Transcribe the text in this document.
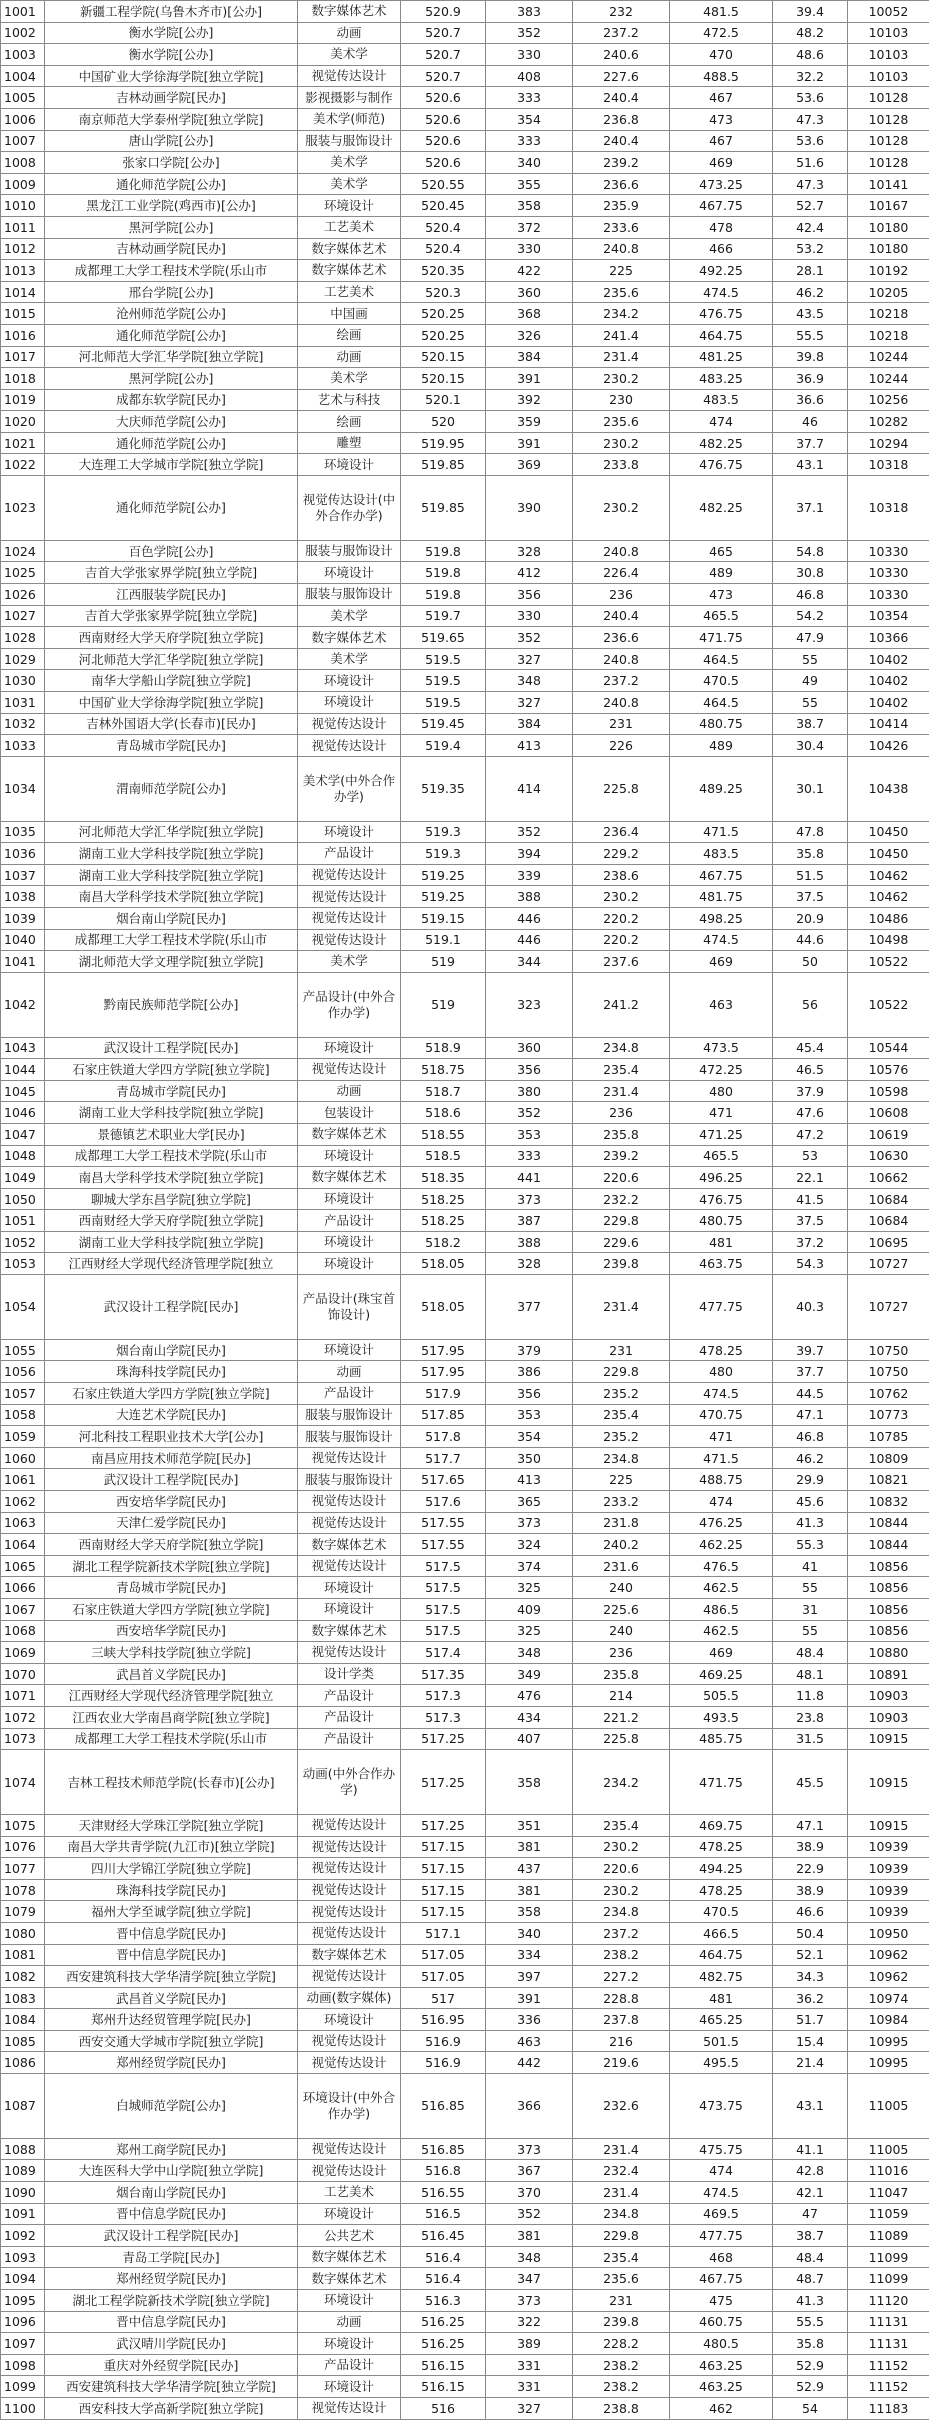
1001	新疆工程学院(乌鲁木齐市)[公办]	数字媒体艺术	520.9	383	232	481.5	39.4	10052
1002	衡水学院[公办]	动画	520.7	352	237.2	472.5	48.2	10103
1003	衡水学院[公办]	美术学	520.7	330	240.6	470	48.6	10103
1004	中国矿业大学徐海学院[独立学院]	视觉传达设计	520.7	408	227.6	488.5	32.2	10103
1005	吉林动画学院[民办]	影视摄影与制作	520.6	333	240.4	467	53.6	10128
1006	南京师范大学泰州学院[独立学院]	美术学(师范)	520.6	354	236.8	473	47.3	10128
1007	唐山学院[公办]	服装与服饰设计	520.6	333	240.4	467	53.6	10128
1008	张家口学院[公办]	美术学	520.6	340	239.2	469	51.6	10128
1009	通化师范学院[公办]	美术学	520.55	355	236.6	473.25	47.3	10141
1010	黑龙江工业学院(鸡西市)[公办]	环境设计	520.45	358	235.9	467.75	52.7	10167
1011	黑河学院[公办]	工艺美术	520.4	372	233.6	478	42.4	10180
1012	吉林动画学院[民办]	数字媒体艺术	520.4	330	240.8	466	53.2	10180
1013	成都理工大学工程技术学院(乐山市	数字媒体艺术	520.35	422	225	492.25	28.1	10192
1014	邢台学院[公办]	工艺美术	520.3	360	235.6	474.5	46.2	10205
1015	沧州师范学院[公办]	中国画	520.25	368	234.2	476.75	43.5	10218
1016	通化师范学院[公办]	绘画	520.25	326	241.4	464.75	55.5	10218
1017	河北师范大学汇华学院[独立学院]	动画	520.15	384	231.4	481.25	39.8	10244
1018	黑河学院[公办]	美术学	520.15	391	230.2	483.25	36.9	10244
1019	成都东软学院[民办]	艺术与科技	520.1	392	230	483.5	36.6	10256
1020	大庆师范学院[公办]	绘画	520	359	235.6	474	46	10282
1021	通化师范学院[公办]	雕塑	519.95	391	230.2	482.25	37.7	10294
1022	大连理工大学城市学院[独立学院]	环境设计	519.85	369	233.8	476.75	43.1	10318
1023	通化师范学院[公办]	视觉传达设计(中外合作办学)	519.85	390	230.2	482.25	37.1	10318
1024	百色学院[公办]	服装与服饰设计	519.8	328	240.8	465	54.8	10330
1025	吉首大学张家界学院[独立学院]	环境设计	519.8	412	226.4	489	30.8	10330
1026	江西服装学院[民办]	服装与服饰设计	519.8	356	236	473	46.8	10330
1027	吉首大学张家界学院[独立学院]	美术学	519.7	330	240.4	465.5	54.2	10354
1028	西南财经大学天府学院[独立学院]	数字媒体艺术	519.65	352	236.6	471.75	47.9	10366
1029	河北师范大学汇华学院[独立学院]	美术学	519.5	327	240.8	464.5	55	10402
1030	南华大学船山学院[独立学院]	环境设计	519.5	348	237.2	470.5	49	10402
1031	中国矿业大学徐海学院[独立学院]	环境设计	519.5	327	240.8	464.5	55	10402
1032	吉林外国语大学(长春市)[民办]	视觉传达设计	519.45	384	231	480.75	38.7	10414
1033	青岛城市学院[民办]	视觉传达设计	519.4	413	226	489	30.4	10426
1034	渭南师范学院[公办]	美术学(中外合作办学)	519.35	414	225.8	489.25	30.1	10438
1035	河北师范大学汇华学院[独立学院]	环境设计	519.3	352	236.4	471.5	47.8	10450
1036	湖南工业大学科技学院[独立学院]	产品设计	519.3	394	229.2	483.5	35.8	10450
1037	湖南工业大学科技学院[独立学院]	视觉传达设计	519.25	339	238.6	467.75	51.5	10462
1038	南昌大学科学技术学院[独立学院]	视觉传达设计	519.25	388	230.2	481.75	37.5	10462
1039	烟台南山学院[民办]	视觉传达设计	519.15	446	220.2	498.25	20.9	10486
1040	成都理工大学工程技术学院(乐山市	视觉传达设计	519.1	446	220.2	474.5	44.6	10498
1041	湖北师范大学文理学院[独立学院]	美术学	519	344	237.6	469	50	10522
1042	黔南民族师范学院[公办]	产品设计(中外合作办学)	519	323	241.2	463	56	10522
1043	武汉设计工程学院[民办]	环境设计	518.9	360	234.8	473.5	45.4	10544
1044	石家庄铁道大学四方学院[独立学院]	视觉传达设计	518.75	356	235.4	472.25	46.5	10576
1045	青岛城市学院[民办]	动画	518.7	380	231.4	480	37.9	10598
1046	湖南工业大学科技学院[独立学院]	包装设计	518.6	352	236	471	47.6	10608
1047	景德镇艺术职业大学[民办]	数字媒体艺术	518.55	353	235.8	471.25	47.2	10619
1048	成都理工大学工程技术学院(乐山市	环境设计	518.5	333	239.2	465.5	53	10630
1049	南昌大学科学技术学院[独立学院]	数字媒体艺术	518.35	441	220.6	496.25	22.1	10662
1050	聊城大学东昌学院[独立学院]	环境设计	518.25	373	232.2	476.75	41.5	10684
1051	西南财经大学天府学院[独立学院]	产品设计	518.25	387	229.8	480.75	37.5	10684
1052	湖南工业大学科技学院[独立学院]	环境设计	518.2	388	229.6	481	37.2	10695
1053	江西财经大学现代经济管理学院[独立	环境设计	518.05	328	239.8	463.75	54.3	10727
1054	武汉设计工程学院[民办]	产品设计(珠宝首饰设计)	518.05	377	231.4	477.75	40.3	10727
1055	烟台南山学院[民办]	环境设计	517.95	379	231	478.25	39.7	10750
1056	珠海科技学院[民办]	动画	517.95	386	229.8	480	37.7	10750
1057	石家庄铁道大学四方学院[独立学院]	产品设计	517.9	356	235.2	474.5	44.5	10762
1058	大连艺术学院[民办]	服装与服饰设计	517.85	353	235.4	470.75	47.1	10773
1059	河北科技工程职业技术大学[公办]	服装与服饰设计	517.8	354	235.2	471	46.8	10785
1060	南昌应用技术师范学院[民办]	视觉传达设计	517.7	350	234.8	471.5	46.2	10809
1061	武汉设计工程学院[民办]	服装与服饰设计	517.65	413	225	488.75	29.9	10821
1062	西安培华学院[民办]	视觉传达设计	517.6	365	233.2	474	45.6	10832
1063	天津仁爱学院[民办]	视觉传达设计	517.55	373	231.8	476.25	41.3	10844
1064	西南财经大学天府学院[独立学院]	数字媒体艺术	517.55	324	240.2	462.25	55.3	10844
1065	湖北工程学院新技术学院[独立学院]	视觉传达设计	517.5	374	231.6	476.5	41	10856
1066	青岛城市学院[民办]	环境设计	517.5	325	240	462.5	55	10856
1067	石家庄铁道大学四方学院[独立学院]	环境设计	517.5	409	225.6	486.5	31	10856
1068	西安培华学院[民办]	数字媒体艺术	517.5	325	240	462.5	55	10856
1069	三峡大学科技学院[独立学院]	视觉传达设计	517.4	348	236	469	48.4	10880
1070	武昌首义学院[民办]	设计学类	517.35	349	235.8	469.25	48.1	10891
1071	江西财经大学现代经济管理学院[独立	产品设计	517.3	476	214	505.5	11.8	10903
1072	江西农业大学南昌商学院[独立学院]	产品设计	517.3	434	221.2	493.5	23.8	10903
1073	成都理工大学工程技术学院(乐山市	产品设计	517.25	407	225.8	485.75	31.5	10915
1074	吉林工程技术师范学院(长春市)[公办]	动画(中外合作办学)	517.25	358	234.2	471.75	45.5	10915
1075	天津财经大学珠江学院[独立学院]	视觉传达设计	517.25	351	235.4	469.75	47.1	10915
1076	南昌大学共青学院(九江市)[独立学院]	视觉传达设计	517.15	381	230.2	478.25	38.9	10939
1077	四川大学锦江学院[独立学院]	视觉传达设计	517.15	437	220.6	494.25	22.9	10939
1078	珠海科技学院[民办]	视觉传达设计	517.15	381	230.2	478.25	38.9	10939
1079	福州大学至诚学院[独立学院]	视觉传达设计	517.15	358	234.8	470.5	46.6	10939
1080	晋中信息学院[民办]	视觉传达设计	517.1	340	237.2	466.5	50.4	10950
1081	晋中信息学院[民办]	数字媒体艺术	517.05	334	238.2	464.75	52.1	10962
1082	西安建筑科技大学华清学院[独立学院]	视觉传达设计	517.05	397	227.2	482.75	34.3	10962
1083	武昌首义学院[民办]	动画(数字媒体)	517	391	228.8	481	36.2	10974
1084	郑州升达经贸管理学院[民办]	环境设计	516.95	336	237.8	465.25	51.7	10984
1085	西安交通大学城市学院[独立学院]	视觉传达设计	516.9	463	216	501.5	15.4	10995
1086	郑州经贸学院[民办]	视觉传达设计	516.9	442	219.6	495.5	21.4	10995
1087	白城师范学院[公办]	环境设计(中外合作办学)	516.85	366	232.6	473.75	43.1	11005
1088	郑州工商学院[民办]	视觉传达设计	516.85	373	231.4	475.75	41.1	11005
1089	大连医科大学中山学院[独立学院]	视觉传达设计	516.8	367	232.4	474	42.8	11016
1090	烟台南山学院[民办]	工艺美术	516.55	370	231.4	474.5	42.1	11047
1091	晋中信息学院[民办]	环境设计	516.5	352	234.8	469.5	47	11059
1092	武汉设计工程学院[民办]	公共艺术	516.45	381	229.8	477.75	38.7	11089
1093	青岛工学院[民办]	数字媒体艺术	516.4	348	235.4	468	48.4	11099
1094	郑州经贸学院[民办]	数字媒体艺术	516.4	347	235.6	467.75	48.7	11099
1095	湖北工程学院新技术学院[独立学院]	环境设计	516.3	373	231	475	41.3	11120
1096	晋中信息学院[民办]	动画	516.25	322	239.8	460.75	55.5	11131
1097	武汉晴川学院[民办]	环境设计	516.25	389	228.2	480.5	35.8	11131
1098	重庆对外经贸学院[民办]	产品设计	516.15	331	238.2	463.25	52.9	11152
1099	西安建筑科技大学华清学院[独立学院]	环境设计	516.15	331	238.2	463.25	52.9	11152
1100	西安科技大学高新学院[独立学院]	视觉传达设计	516	327	238.8	462	54	11183
